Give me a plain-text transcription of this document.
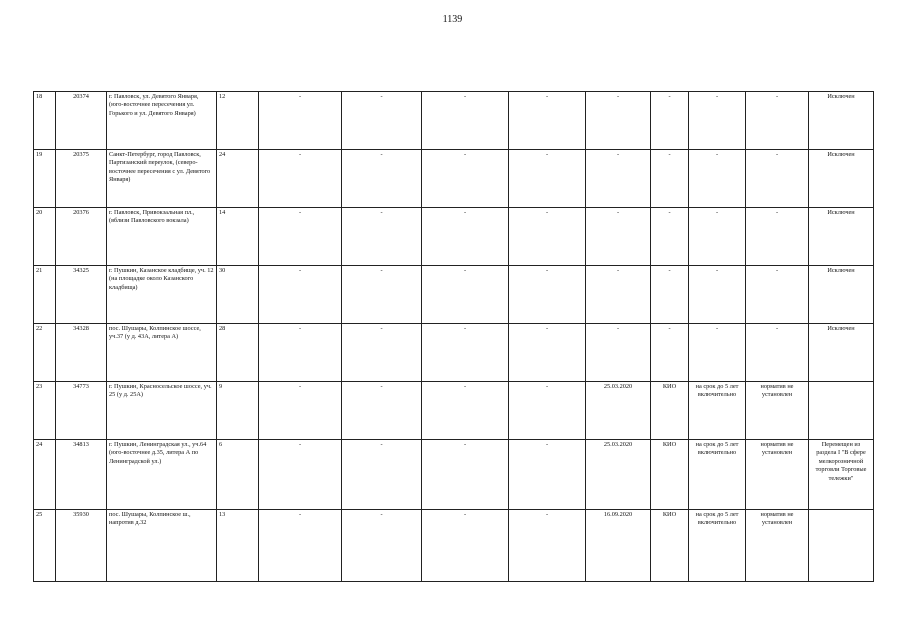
1139
18	20374	г. Павловск, ул. Девятого Января, (юго-восточнее пересечения ул. Горького и ул. Девятого Января)	12	-	-	-	-	-	-	-	-	Исключен
19	20375	Санкт-Петербург, город Павловск, Партизанский переулок, (северо-восточнее пересечения с ул. Девятого Января)	24	-	-	-	-	-	-	-	-	Исключен
20	20376	г. Павловск, Привокзальная пл., (вблизи Павловского вокзала)	14	-	-	-	-	-	-	-	-	Исключен
21	34325	г. Пушкин, Казанское кладбище, уч. 12 (на площадке около Казанского кладбища)	30	-	-	-	-	-	-	-	-	Исключен
22	34328	пос. Шушары, Колпинское шоссе, уч.37 (у д. 43А, литера А)	28	-	-	-	-	-	-	-	-	Исключен
23	34773	г. Пушкин, Красносельское шоссе, уч. 25 (у д. 25А)	9	-	-	-	-	25.03.2020	КИО	на срок до 5 лет включительно	норматив не установлен	
24	34813	г. Пушкин, Ленинградская ул., уч.64 (юго-восточнее д.35, литера А по Ленинградской ул.)	6	-	-	-	-	25.03.2020	КИО	на срок до 5 лет включительно	норматив не установлен	Перемещен из раздела I "В сфере мелкорозничной торговли Торговые тележки"
25	35930	пос. Шушары, Колпинское ш., напротив д.32	13	-	-	-	-	16.09.2020	КИО	на срок до 5 лет включительно	норматив не установлен	
